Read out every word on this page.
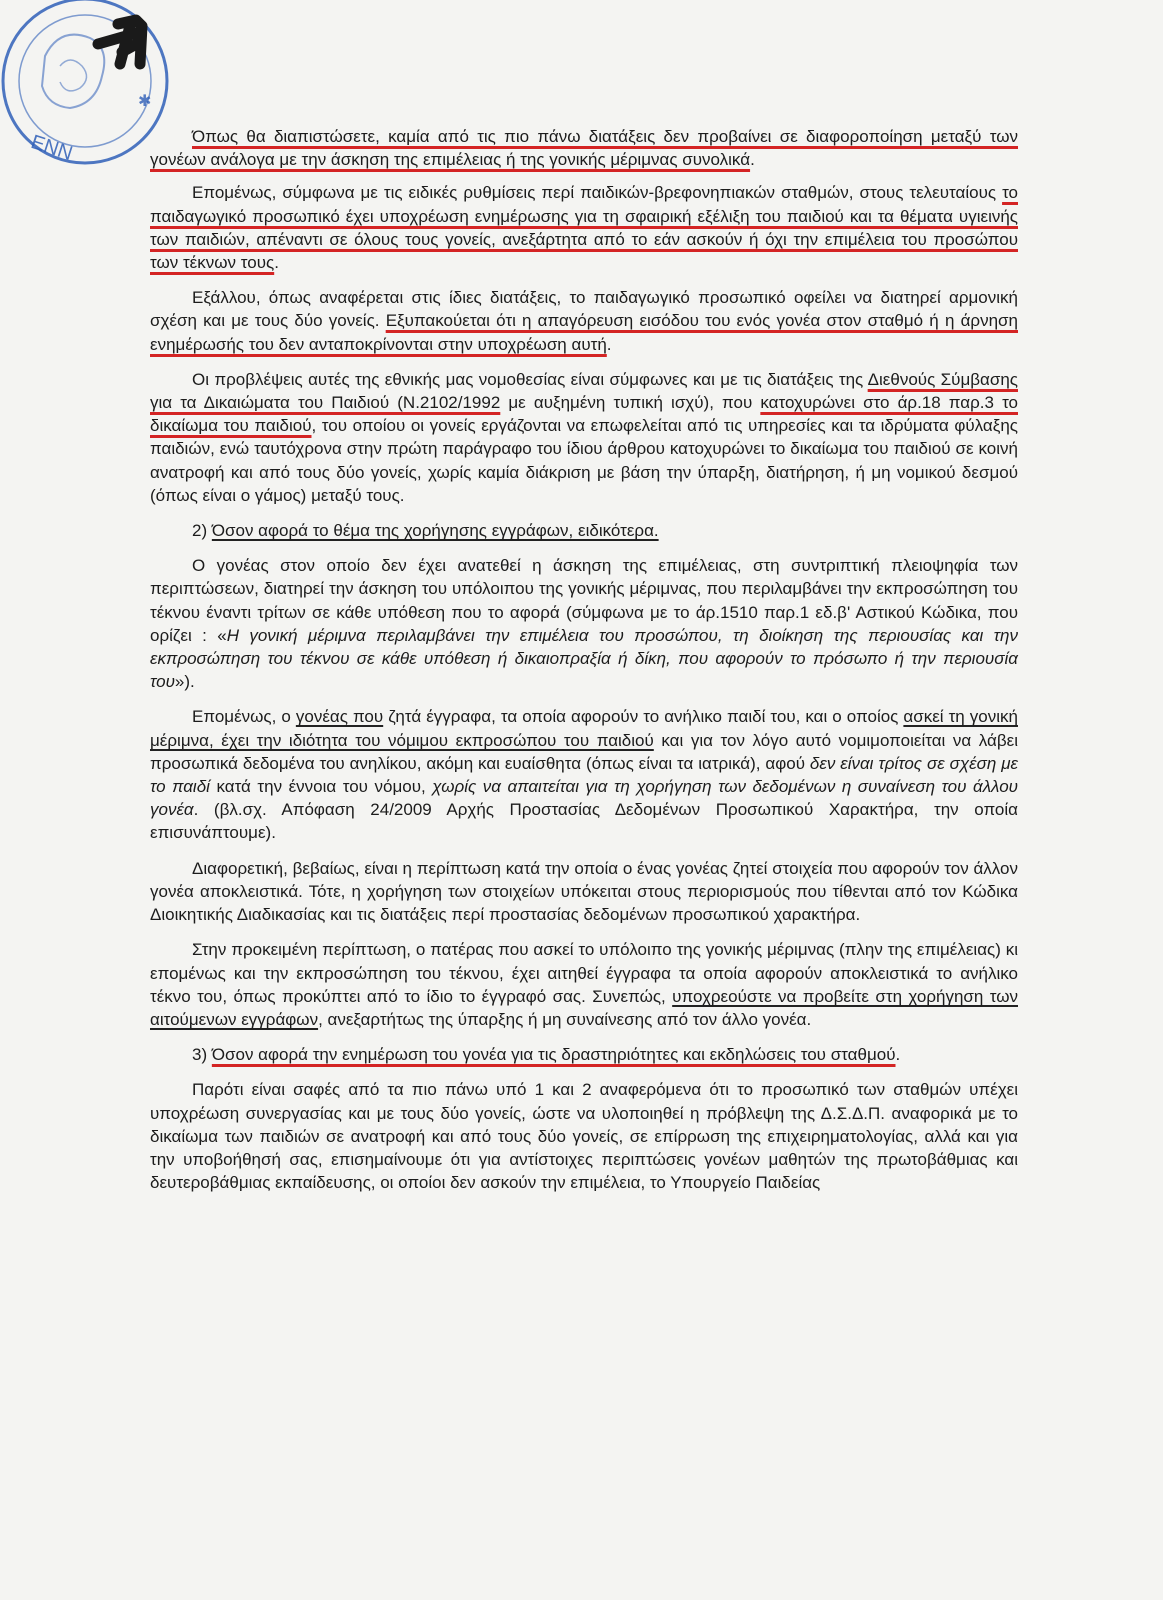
ΕΝΝ
✱

Όπως θα διαπιστώσετε, καμία από τις πιο πάνω διατάξεις δεν προβαίνει σε διαφοροποίηση μεταξύ των γονέων ανάλογα με την άσκηση της επιμέλειας ή της γονικής μέριμνας συνολικά.

Επομένως, σύμφωνα με τις ειδικές ρυθμίσεις περί παιδικών-βρεφονηπιακών σταθμών, στους τελευταίους το παιδαγωγικό προσωπικό έχει υποχρέωση ενημέρωσης για τη σφαιρική εξέλιξη του παιδιού και τα θέματα υγιεινής των παιδιών, απέναντι σε όλους τους γονείς, ανεξάρτητα από το εάν ασκούν ή όχι την επιμέλεια του προσώπου των τέκνων τους.

Εξάλλου, όπως αναφέρεται στις ίδιες διατάξεις, το παιδαγωγικό προσωπικό οφείλει να διατηρεί αρμονική σχέση και με τους δύο γονείς. Εξυπακούεται ότι η απαγόρευση εισόδου του ενός γονέα στον σταθμό ή η άρνηση ενημέρωσής του δεν ανταποκρίνονται στην υποχρέωση αυτή.

Οι προβλέψεις αυτές της εθνικής μας νομοθεσίας είναι σύμφωνες και με τις διατάξεις της Διεθνούς Σύμβασης για τα Δικαιώματα του Παιδιού (Ν.2102/1992 με αυξημένη τυπική ισχύ), που κατοχυρώνει στο άρ.18 παρ.3 το δικαίωμα του παιδιού, του οποίου οι γονείς εργάζονται να επωφελείται από τις υπηρεσίες και τα ιδρύματα φύλαξης παιδιών, ενώ ταυτόχρονα στην πρώτη παράγραφο του ίδιου άρθρου κατοχυρώνει το δικαίωμα του παιδιού σε κοινή ανατροφή και από τους δύο γονείς, χωρίς καμία διάκριση με βάση την ύπαρξη, διατήρηση, ή μη νομικού δεσμού (όπως είναι ο γάμος) μεταξύ τους.

2) Όσον αφορά το θέμα της χορήγησης εγγράφων, ειδικότερα.

Ο γονέας στον οποίο δεν έχει ανατεθεί η άσκηση της επιμέλειας, στη συντριπτική πλειοψηφία των περιπτώσεων, διατηρεί την άσκηση του υπόλοιπου της γονικής μέριμνας, που περιλαμβάνει την εκπροσώπηση του τέκνου έναντι τρίτων σε κάθε υπόθεση που το αφορά (σύμφωνα με το άρ.1510 παρ.1 εδ.β' Αστικού Κώδικα, που ορίζει : «Η γονική μέριμνα περιλαμβάνει την επιμέλεια του προσώπου, τη διοίκηση της περιουσίας και την εκπροσώπηση του τέκνου σε κάθε υπόθεση ή δικαιοπραξία ή δίκη, που αφορούν το πρόσωπο ή την περιουσία του»).

Επομένως, ο γονέας που ζητά έγγραφα, τα οποία αφορούν το ανήλικο παιδί του, και ο οποίος ασκεί τη γονική μέριμνα, έχει την ιδιότητα του νόμιμου εκπροσώπου του παιδιού και για τον λόγο αυτό νομιμοποιείται να λάβει προσωπικά δεδομένα του ανηλίκου, ακόμη και ευαίσθητα (όπως είναι τα ιατρικά), αφού δεν είναι τρίτος σε σχέση με το παιδί κατά την έννοια του νόμου, χωρίς να απαιτείται για τη χορήγηση των δεδομένων η συναίνεση του άλλου γονέα. (βλ.σχ. Απόφαση 24/2009 Αρχής Προστασίας Δεδομένων Προσωπικού Χαρακτήρα, την οποία επισυνάπτουμε).

Διαφορετική, βεβαίως, είναι η περίπτωση κατά την οποία ο ένας γονέας ζητεί στοιχεία που αφορούν τον άλλον γονέα αποκλειστικά. Τότε, η χορήγηση των στοιχείων υπόκειται στους περιορισμούς που τίθενται από τον Κώδικα Διοικητικής Διαδικασίας και τις διατάξεις περί προστασίας δεδομένων προσωπικού χαρακτήρα.

Στην προκειμένη περίπτωση, ο πατέρας που ασκεί το υπόλοιπο της γονικής μέριμνας (πλην της επιμέλειας) κι επομένως και την εκπροσώπηση του τέκνου, έχει αιτηθεί έγγραφα τα οποία αφορούν αποκλειστικά το ανήλικο τέκνο του, όπως προκύπτει από το ίδιο το έγγραφό σας. Συνεπώς, υποχρεούστε να προβείτε στη χορήγηση των αιτούμενων εγγράφων, ανεξαρτήτως της ύπαρξης ή μη συναίνεσης από τον άλλο γονέα.

3) Όσον αφορά την ενημέρωση του γονέα για τις δραστηριότητες και εκδηλώσεις του σταθμού.

Παρότι είναι σαφές από τα πιο πάνω υπό 1 και 2 αναφερόμενα ότι το προσωπικό των σταθμών υπέχει υποχρέωση συνεργασίας και με τους δύο γονείς, ώστε να υλοποιηθεί η πρόβλεψη της Δ.Σ.Δ.Π. αναφορικά με το δικαίωμα των παιδιών σε ανατροφή και από τους δύο γονείς, σε επίρρωση της επιχειρηματολογίας, αλλά και για την υποβοήθησή σας, επισημαίνουμε ότι για αντίστοιχες περιπτώσεις γονέων μαθητών της πρωτοβάθμιας και δευτεροβάθμιας εκπαίδευσης, οι οποίοι δεν ασκούν την επιμέλεια, το Υπουργείο Παιδείας
